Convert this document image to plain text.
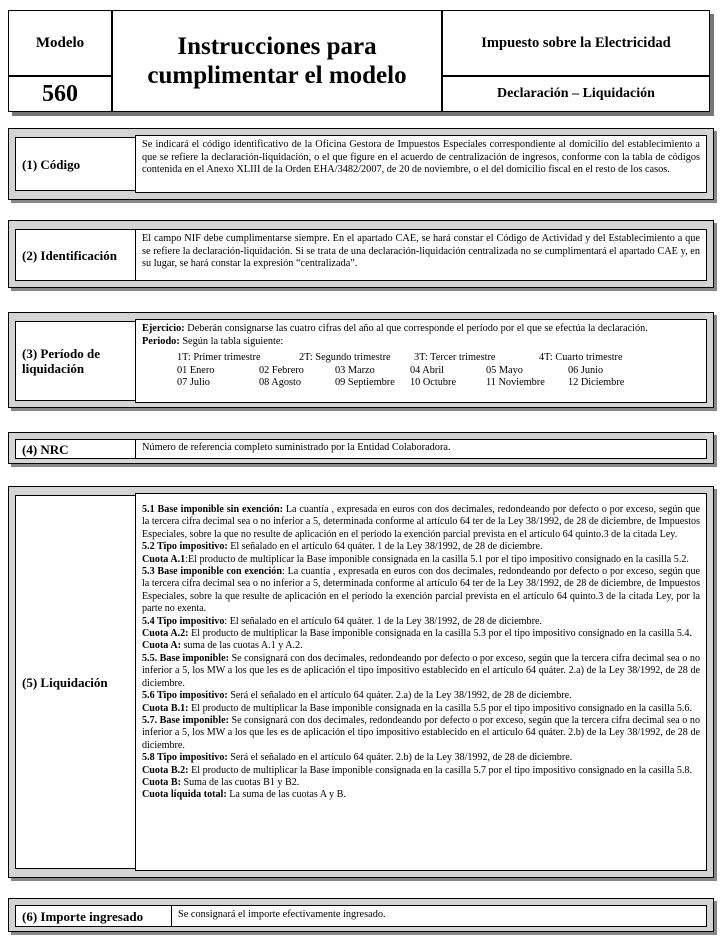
Modelo
560
Instrucciones para cumplimentar el modelo
Impuesto sobre la Electricidad
Declaración – Liquidación
(1) Código
Se indicará el código identificativo de la Oficina Gestora de Impuestos Especiales correspondiente al domicilio del establecimiento a que se refiere la declaración-liquidación, o el que figure en el acuerdo de centralización de ingresos, conforme con la tabla de códigos contenida en el Anexo XLIII de la Orden EHA/3482/2007, de 20 de noviembre, o el del domicilio fiscal en el resto de los casos.
(2) Identificación
El campo NIF debe cumplimentarse siempre. En el apartado CAE, se hará constar el Código de Actividad y del Establecimiento a que se refiere la declaración-liquidación. Si se trata de una declaración-liquidación centralizada no se cumplimentará el apartado CAE y, en su lugar, se hará constar la expresión “centralizada”.
(3) Período de liquidación

Ejercicio: Deberán consignarse las cuatro cifras del año al que corresponde el período por el que se efectúa la declaración.

Periodo: Según la tabla siguiente:

1T: Primer trimestre	2T: Segundo trimestre	3T: Tercer trimestre	4T: Cuarto trimestre
01 Enero	02 Febrero	03 Marzo	04 Abril	05 Mayo	06 Junio
07 Julio	08 Agosto	09 Septiembre	10 Octubre	11 Noviembre	12 Diciembre
(4) NRC	Número de referencia completo suministrado por la Entidad Colaboradora.
(5) Liquidación

5.1 Base imponible sin exención: La cuantía , expresada en euros con dos decimales, redondeando por defecto o por exceso, según que la tercera cifra decimal sea o no inferior a 5, determinada conforme al artículo 64 ter de la Ley 38/1992, de 28 de diciembre, de Impuestos Especiales, sobre la que no resulte de aplicación en el período la exención parcial prevista en el artículo 64 quinto.3 de la citada Ley.

5.2 Tipo impositivo: El señalado en el artículo 64 quáter. 1 de la Ley 38/1992, de 28 de diciembre.

Cuota A.1:El producto de multiplicar la Base imponible consignada en la casilla 5.1 por el tipo impositivo consignado en la casilla 5.2.

5.3 Base imponible con exención: La cuantía , expresada en euros con dos decimales, redondeando por defecto o por exceso, según que la tercera cifra decimal sea o no inferior a 5, determinada conforme al artículo 64 ter de la Ley 38/1992, de 28 de diciembre, de Impuestos Especiales, sobre la que resulte de aplicación en el período la exención parcial prevista en el artículo 64 quinto.3 de la citada Ley, por la parte no exenta.

5.4 Tipo impositivo: El señalado en el artículo 64 quáter. 1 de la Ley 38/1992, de 28 de diciembre.

Cuota A.2: El producto de multiplicar la Base imponible consignada en la casilla 5.3 por el tipo impositivo consignado en la casilla 5.4.

Cuota A: suma de las cuotas A.1 y A.2.

5.5. Base imponible: Se consignará con dos decimales, redondeando por defecto o por exceso, según que la tercera cifra decimal sea o no inferior a 5, los MW a los que les es de aplicación el tipo impositivo establecido en el artículo 64 quáter. 2.a) de la Ley 38/1992, de 28 de diciembre.

5.6 Tipo impositivo: Será el señalado en el artículo 64 quáter. 2.a) de la Ley 38/1992, de 28 de diciembre.

Cuota B.1: El producto de multiplicar la Base imponible consignada en la casilla 5.5 por el tipo impositivo consignado en la casilla 5.6.

5.7. Base imponible: Se consignará con dos decimales, redondeando por defecto o por exceso, según que la tercera cifra decimal sea o no inferior a 5, los MW a los que les es de aplicación el tipo impositivo establecido en el artículo 64 quáter. 2.b) de la Ley 38/1992, de 28 de diciembre.

5.8 Tipo impositivo: Será el señalado en el artículo 64 quáter. 2.b) de la Ley 38/1992, de 28 de diciembre.

Cuota B.2: El producto de multiplicar la Base imponible consignada en la casilla 5.7 por el tipo impositivo consignado en la casilla 5.8.

Cuota B: Suma de las cuotas B1 y B2.

Cuota líquida total: La suma de las cuotas A y B.

(6) Importe ingresado	Se consignará el importe efectivamente ingresado.
